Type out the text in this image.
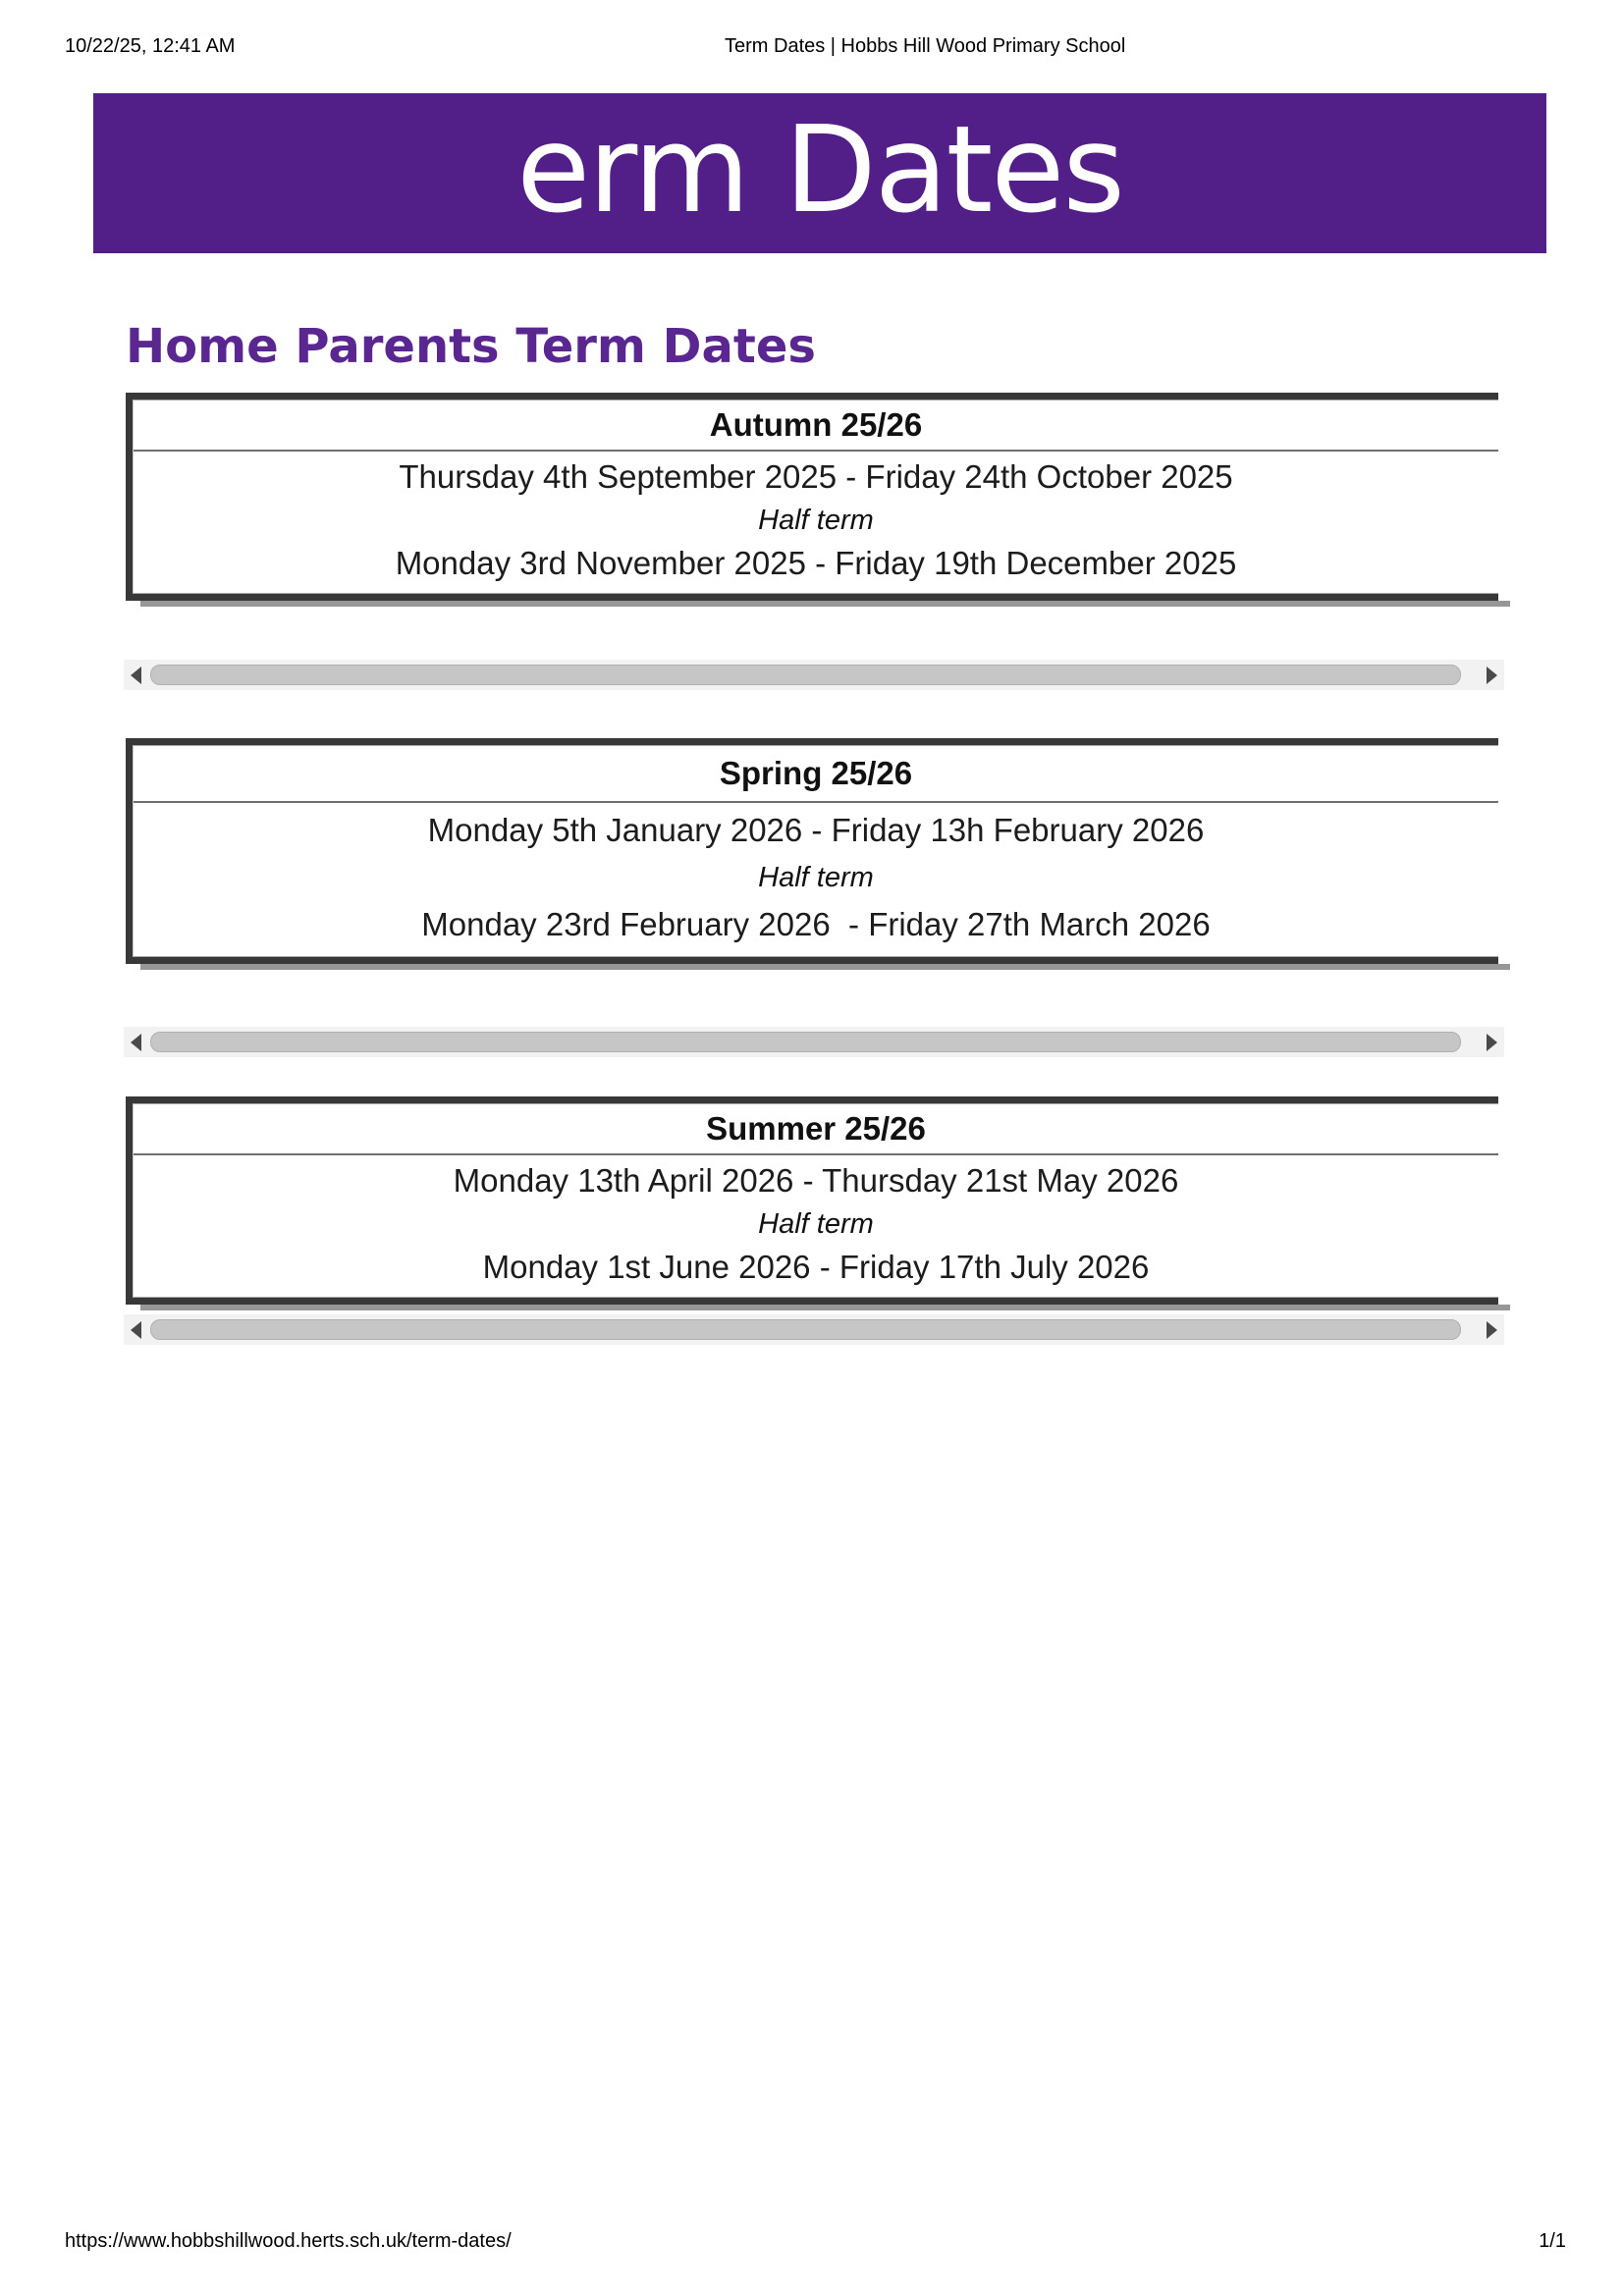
10/22/25, 12:41 AM	Term Dates | Hobbs Hill Wood Primary School
erm Dates
Home Parents Term Dates
Autumn 25/26
Thursday 4th September 2025 - Friday 24th October 2025
Half term
Monday 3rd November 2025 - Friday 19th December 2025
Spring 25/26
Monday 5th January 2026 - Friday 13h February 2026
Half term
Monday 23rd February 2026  - Friday 27th March 2026
Summer 25/26
Monday 13th April 2026 - Thursday 21st May 2026
Half term
Monday 1st June 2026 - Friday 17th July 2026
https://www.hobbshillwood.herts.sch.uk/term-dates/	1/1
